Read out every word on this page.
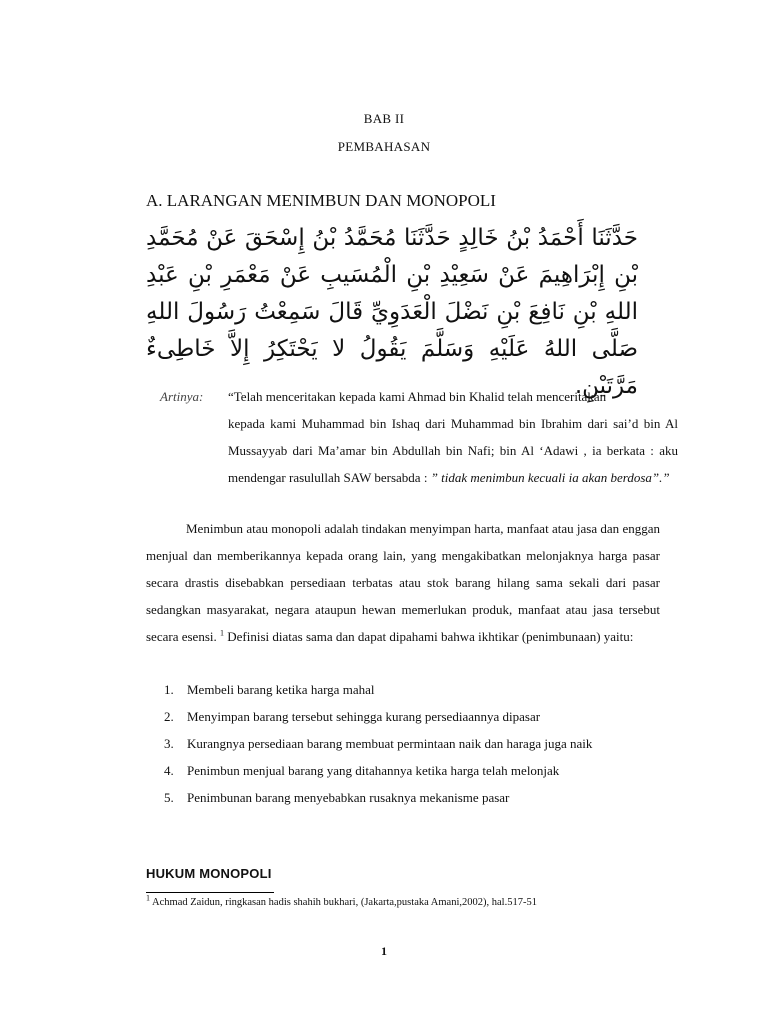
BAB II
PEMBAHASAN
A. LARANGAN MENIMBUN DAN MONOPOLI
حَدَّثَنَا أَحْمَدُ بْنُ خَالِدٍ حَدَّثَنَا مُحَمَّدُ بْنُ إِسْحَقَ عَنْ مُحَمَّدِ بْنِ إِبْرَاهِيمَ عَنْ سَعِيْدِ بْنِ الْمُسَيبِ عَنْ مَعْمَرِ بْنِ عَبْدِ اللهِ بْنِ نَافِعَ بْنِ نَضْلَ الْعَدَوِيِّ قَالَ سَمِعْتُ رَسُولَ اللهِ صَلَّى اللهُ عَلَيْهِ وَسَلَّمَ يَقُولُ لا يَحْتَكِرُ إِلاَّ خَاطِىءٌ مَرَّتَيْنِ.
Artinya:	“Telah menceritakan kepada kami Ahmad bin Khalid telah menceritakan
kepada kami Muhammad bin Ishaq dari Muhammad bin Ibrahim dari sai’d bin Al Mussayyab dari Ma’amar bin Abdullah bin Nafi; bin Al ‘Adawi , ia berkata : aku mendengar rasulullah SAW bersabda : ” tidak menimbun kecuali ia akan berdosa”.”
Menimbun atau monopoli adalah tindakan menyimpan harta, manfaat atau jasa dan enggan menjual dan memberikannya kepada orang lain, yang mengakibatkan melonjaknya harga pasar secara drastis disebabkan persediaan terbatas atau stok barang hilang sama sekali dari pasar sedangkan masyarakat, negara ataupun hewan memerlukan produk, manfaat atau jasa tersebut secara esensi. $^1$ Definisi diatas sama dan dapat dipahami bahwa ikhtikar (penimbunaan) yaitu:
1.	Membeli barang ketika harga mahal
2.	Menyimpan barang tersebut sehingga kurang persediaannya dipasar
3.	Kurangnya persediaan barang membuat permintaan naik dan haraga juga naik
4.	Penimbun menjual barang yang ditahannya ketika harga telah melonjak
5.	Penimbunan barang menyebabkan rusaknya mekanisme pasar
HUKUM MONOPOLI
$^1$ Achmad Zaidun, ringkasan hadis shahih bukhari, (Jakarta,pustaka Amani,2002), hal.517-51
1
